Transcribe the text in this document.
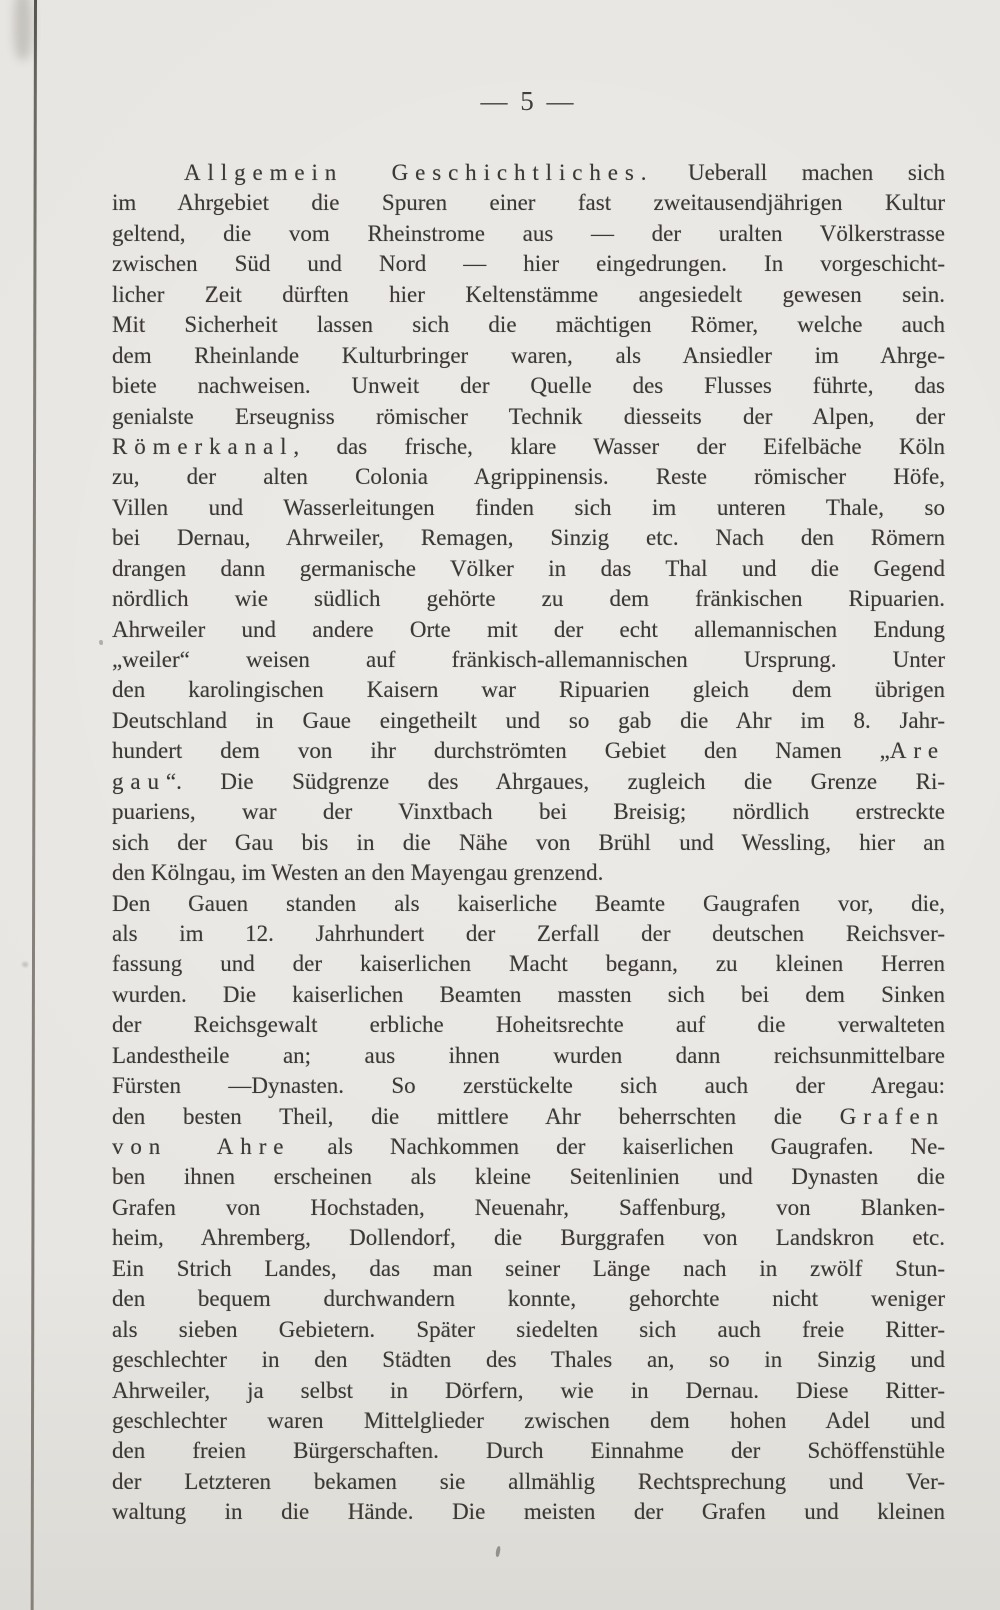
— 5 —
Allgemein Geschichtliches. Ueberall machen sich
im Ahrgebiet die Spuren einer fast zweitausendjährigen Kultur
geltend, die vom Rheinstrome aus — der uralten Völkerstrasse
zwischen Süd und Nord — hier eingedrungen. In vorgeschicht-
licher Zeit dürften hier Keltenstämme angesiedelt gewesen sein.
Mit Sicherheit lassen sich die mächtigen Römer, welche auch
dem Rheinlande Kulturbringer waren, als Ansiedler im Ahrge-
biete nachweisen. Unweit der Quelle des Flusses führte, das
genialste Erseugniss römischer Technik diesseits der Alpen, der
Römerkanal, das frische, klare Wasser der Eifelbäche Köln
zu, der alten Colonia Agrippinensis. Reste römischer Höfe,
Villen und Wasserleitungen finden sich im unteren Thale, so
bei Dernau, Ahrweiler, Remagen, Sinzig etc. Nach den Römern
drangen dann germanische Völker in das Thal und die Gegend
nördlich wie südlich gehörte zu dem fränkischen Ripuarien.
Ahrweiler und andere Orte mit der echt allemannischen Endung
„weiler“ weisen auf fränkisch-allemannischen Ursprung. Unter
den karolingischen Kaisern war Ripuarien gleich dem übrigen
Deutschland in Gaue eingetheilt und so gab die Ahr im 8. Jahr-
hundert dem von ihr durchströmten Gebiet den Namen „Are
gau“. Die Südgrenze des Ahrgaues, zugleich die Grenze Ri-
puariens, war der Vinxtbach bei Breisig; nördlich erstreckte
sich der Gau bis in die Nähe von Brühl und Wessling, hier an
den Kölngau, im Westen an den Mayengau grenzend.
Den Gauen standen als kaiserliche Beamte Gaugrafen vor, die,
als im 12. Jahrhundert der Zerfall der deutschen Reichsver-
fassung und der kaiserlichen Macht begann, zu kleinen Herren
wurden. Die kaiserlichen Beamten massten sich bei dem Sinken
der Reichsgewalt erbliche Hoheitsrechte auf die verwalteten
Landestheile an; aus ihnen wurden dann reichsunmittelbare
Fürsten —Dynasten. So zerstückelte sich auch der Aregau:
den besten Theil, die mittlere Ahr beherrschten die Grafen
von Ahre als Nachkommen der kaiserlichen Gaugrafen. Ne-
ben ihnen erscheinen als kleine Seitenlinien und Dynasten die
Grafen von Hochstaden, Neuenahr, Saffenburg, von Blanken-
heim, Ahremberg, Dollendorf, die Burggrafen von Landskron etc.
Ein Strich Landes, das man seiner Länge nach in zwölf Stun-
den bequem durchwandern konnte, gehorchte nicht weniger
als sieben Gebietern. Später siedelten sich auch freie Ritter-
geschlechter in den Städten des Thales an, so in Sinzig und
Ahrweiler, ja selbst in Dörfern, wie in Dernau. Diese Ritter-
geschlechter waren Mittelglieder zwischen dem hohen Adel und
den freien Bürgerschaften. Durch Einnahme der Schöffenstühle
der Letzteren bekamen sie allmählig Rechtsprechung und Ver-
waltung in die Hände. Die meisten der Grafen und kleinen
